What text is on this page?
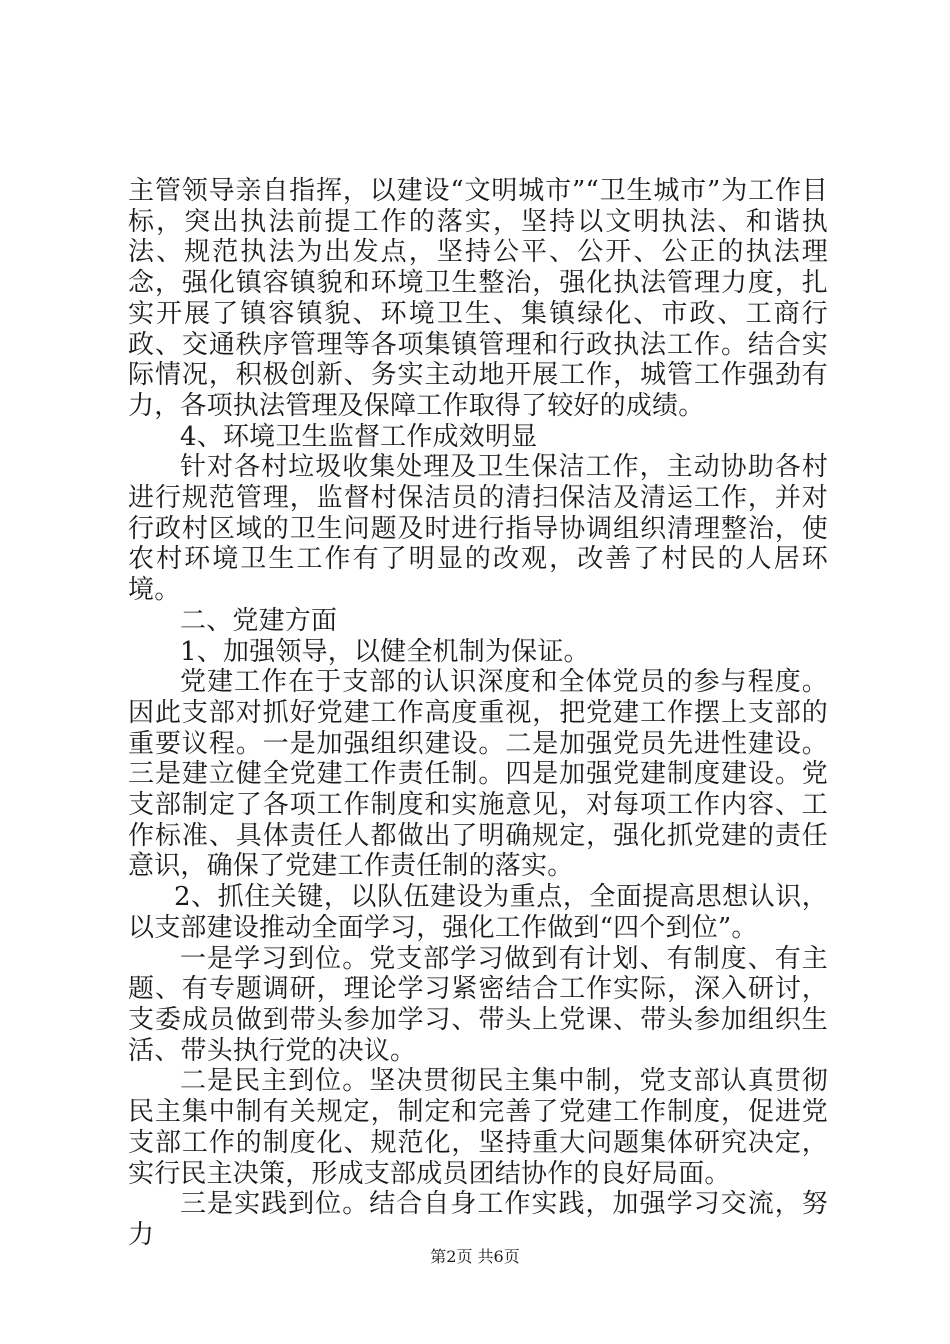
主管领导亲自指挥，以建设“文明城市”“卫生城市”为工作目标，突出执法前提工作的落实，坚持以文明执法、和谐执法、规范执法为出发点，坚持公平、公开、公正的执法理念，强化镇容镇貌和环境卫生整治，强化执法管理力度，扎实开展了镇容镇貌、环境卫生、集镇绿化、市政、工商行政、交通秩序管理等各项集镇管理和行政执法工作。结合实际情况，积极创新、务实主动地开展工作，城管工作强劲有力，各项执法管理及保障工作取得了较好的成绩。

4、环境卫生监督工作成效明显

针对各村垃圾收集处理及卫生保洁工作，主动协助各村进行规范管理，监督村保洁员的清扫保洁及清运工作，并对行政村区域的卫生问题及时进行指导协调组织清理整治，使农村环境卫生工作有了明显的改观，改善了村民的人居环境。

二、党建方面

1、加强领导，以健全机制为保证。

党建工作在于支部的认识深度和全体党员的参与程度。因此支部对抓好党建工作高度重视，把党建工作摆上支部的重要议程。一是加强组织建设。二是加强党员先进性建设。三是建立健全党建工作责任制。四是加强党建制度建设。党支部制定了各项工作制度和实施意见，对每项工作内容、工作标准、具体责任人都做出了明确规定，强化抓党建的责任意识，确保了党建工作责任制的落实。

2、抓住关键，以队伍建设为重点，全面提高思想认识，以支部建设推动全面学习，强化工作做到“四个到位”。

一是学习到位。党支部学习做到有计划、有制度、有主题、有专题调研，理论学习紧密结合工作实际，深入研讨，支委成员做到带头参加学习、带头上党课、带头参加组织生活、带头执行党的决议。

二是民主到位。坚决贯彻民主集中制，党支部认真贯彻民主集中制有关规定，制定和完善了党建工作制度，促进党支部工作的制度化、规范化，坚持重大问题集体研究决定，实行民主决策，形成支部成员团结协作的良好局面。

三是实践到位。结合自身工作实践，加强学习交流，努力

第2页 共6页
